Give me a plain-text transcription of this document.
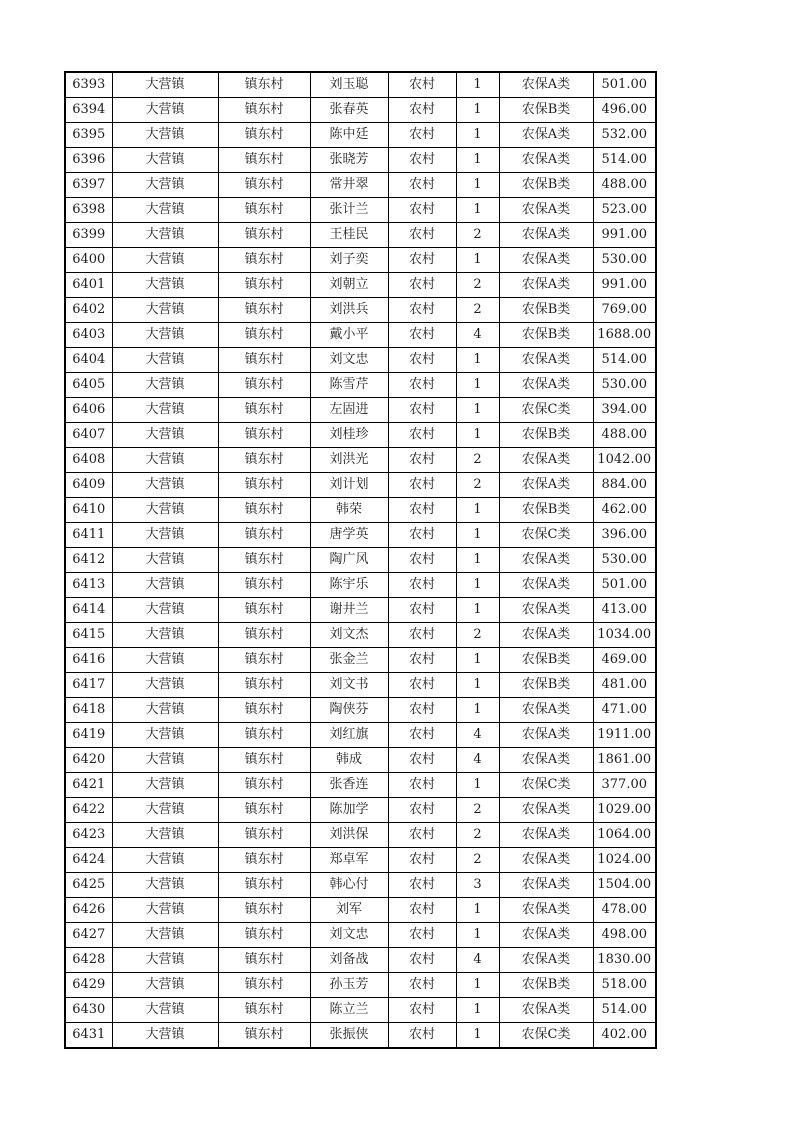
6393	大营镇	镇东村	刘玉聪	农村	1	农保A类	501.00
6394	大营镇	镇东村	张春英	农村	1	农保B类	496.00
6395	大营镇	镇东村	陈中廷	农村	1	农保A类	532.00
6396	大营镇	镇东村	张晓芳	农村	1	农保A类	514.00
6397	大营镇	镇东村	常井翠	农村	1	农保B类	488.00
6398	大营镇	镇东村	张计兰	农村	1	农保A类	523.00
6399	大营镇	镇东村	王桂民	农村	2	农保A类	991.00
6400	大营镇	镇东村	刘子奕	农村	1	农保A类	530.00
6401	大营镇	镇东村	刘朝立	农村	2	农保A类	991.00
6402	大营镇	镇东村	刘洪兵	农村	2	农保B类	769.00
6403	大营镇	镇东村	戴小平	农村	4	农保B类	1688.00
6404	大营镇	镇东村	刘文忠	农村	1	农保A类	514.00
6405	大营镇	镇东村	陈雪芹	农村	1	农保A类	530.00
6406	大营镇	镇东村	左固进	农村	1	农保C类	394.00
6407	大营镇	镇东村	刘桂珍	农村	1	农保B类	488.00
6408	大营镇	镇东村	刘洪光	农村	2	农保A类	1042.00
6409	大营镇	镇东村	刘计划	农村	2	农保A类	884.00
6410	大营镇	镇东村	韩荣	农村	1	农保B类	462.00
6411	大营镇	镇东村	唐学英	农村	1	农保C类	396.00
6412	大营镇	镇东村	陶广风	农村	1	农保A类	530.00
6413	大营镇	镇东村	陈宇乐	农村	1	农保A类	501.00
6414	大营镇	镇东村	谢井兰	农村	1	农保A类	413.00
6415	大营镇	镇东村	刘文杰	农村	2	农保A类	1034.00
6416	大营镇	镇东村	张金兰	农村	1	农保B类	469.00
6417	大营镇	镇东村	刘文书	农村	1	农保B类	481.00
6418	大营镇	镇东村	陶侠芬	农村	1	农保A类	471.00
6419	大营镇	镇东村	刘红旗	农村	4	农保A类	1911.00
6420	大营镇	镇东村	韩成	农村	4	农保A类	1861.00
6421	大营镇	镇东村	张香连	农村	1	农保C类	377.00
6422	大营镇	镇东村	陈加学	农村	2	农保A类	1029.00
6423	大营镇	镇东村	刘洪保	农村	2	农保A类	1064.00
6424	大营镇	镇东村	郑卓军	农村	2	农保A类	1024.00
6425	大营镇	镇东村	韩心付	农村	3	农保A类	1504.00
6426	大营镇	镇东村	刘军	农村	1	农保A类	478.00
6427	大营镇	镇东村	刘文忠	农村	1	农保A类	498.00
6428	大营镇	镇东村	刘备战	农村	4	农保A类	1830.00
6429	大营镇	镇东村	孙玉芳	农村	1	农保B类	518.00
6430	大营镇	镇东村	陈立兰	农村	1	农保A类	514.00
6431	大营镇	镇东村	张振侠	农村	1	农保C类	402.00
